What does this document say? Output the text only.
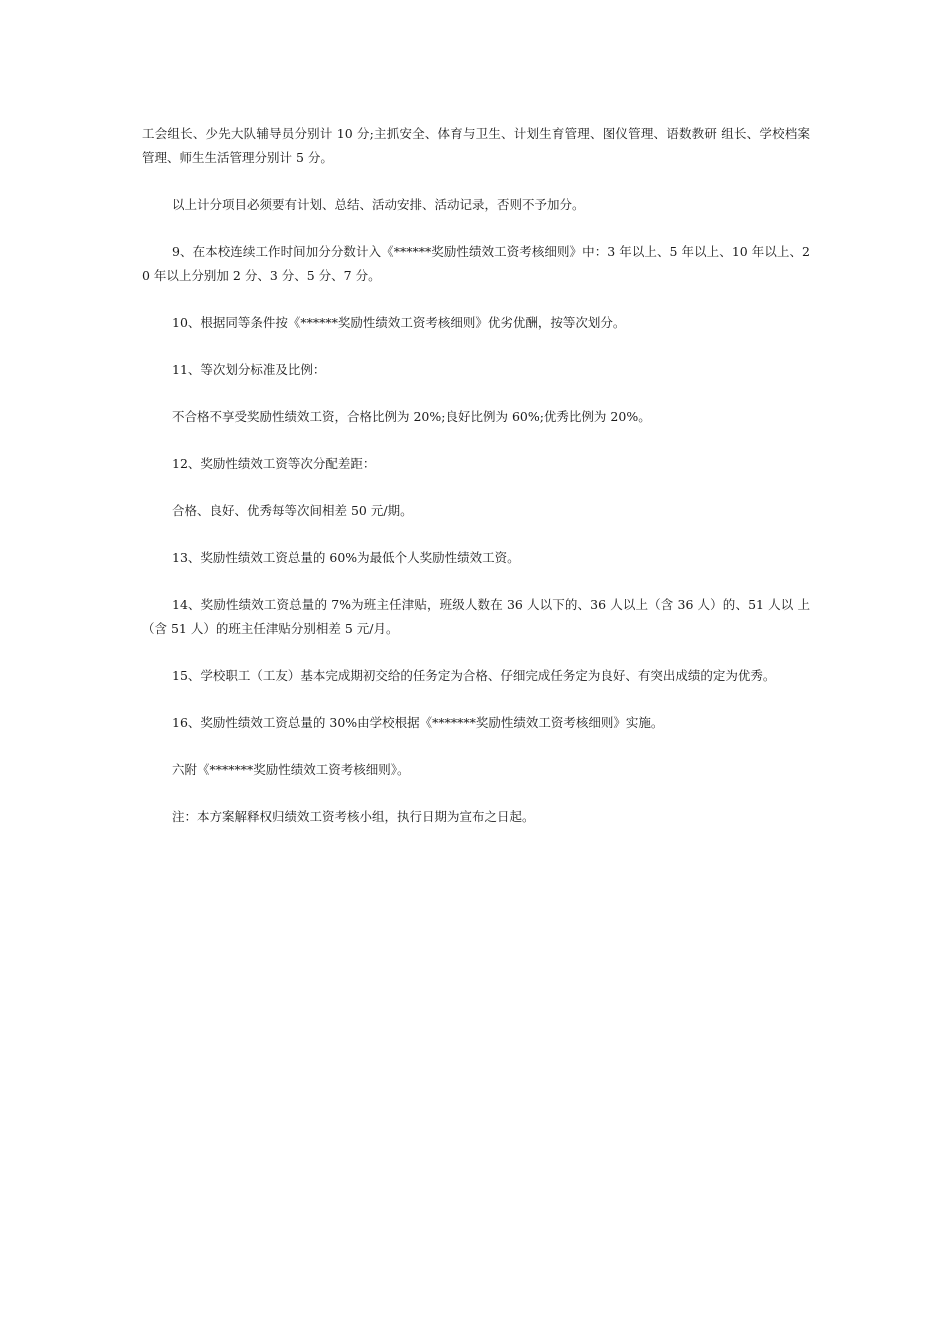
工会组长、少先大队辅导员分别计 10 分;主抓安全、体育与卫生、计划生育管理、图仪管理、语数教研 组长、学校档案管理、师生生活管理分别计 5 分。

以上计分项目必须要有计划、总结、活动安排、活动记录，否则不予加分。

9、在本校连续工作时间加分分数计入《******奖励性绩效工资考核细则》中：3 年以上、5 年以上、10 年以上、20 年以上分别加 2 分、3 分、5 分、7 分。

10、根据同等条件按《******奖励性绩效工资考核细则》优劣优酬，按等次划分。

11、等次划分标准及比例：

不合格不享受奖励性绩效工资，合格比例为 20%;良好比例为 60%;优秀比例为 20%。

12、奖励性绩效工资等次分配差距：

合格、良好、优秀每等次间相差 50 元/期。

13、奖励性绩效工资总量的 60%为最低个人奖励性绩效工资。

14、奖励性绩效工资总量的 7%为班主任津贴，班级人数在 36 人以下的、36 人以上（含 36 人）的、51 人以 上（含 51 人）的班主任津贴分别相差 5 元/月。

15、学校职工（工友）基本完成期初交给的任务定为合格、仔细完成任务定为良好、有突出成绩的定为优秀。

16、奖励性绩效工资总量的 30%由学校根据《*******奖励性绩效工资考核细则》实施。

六附《*******奖励性绩效工资考核细则》。

注：本方案解释权归绩效工资考核小组，执行日期为宣布之日起。
